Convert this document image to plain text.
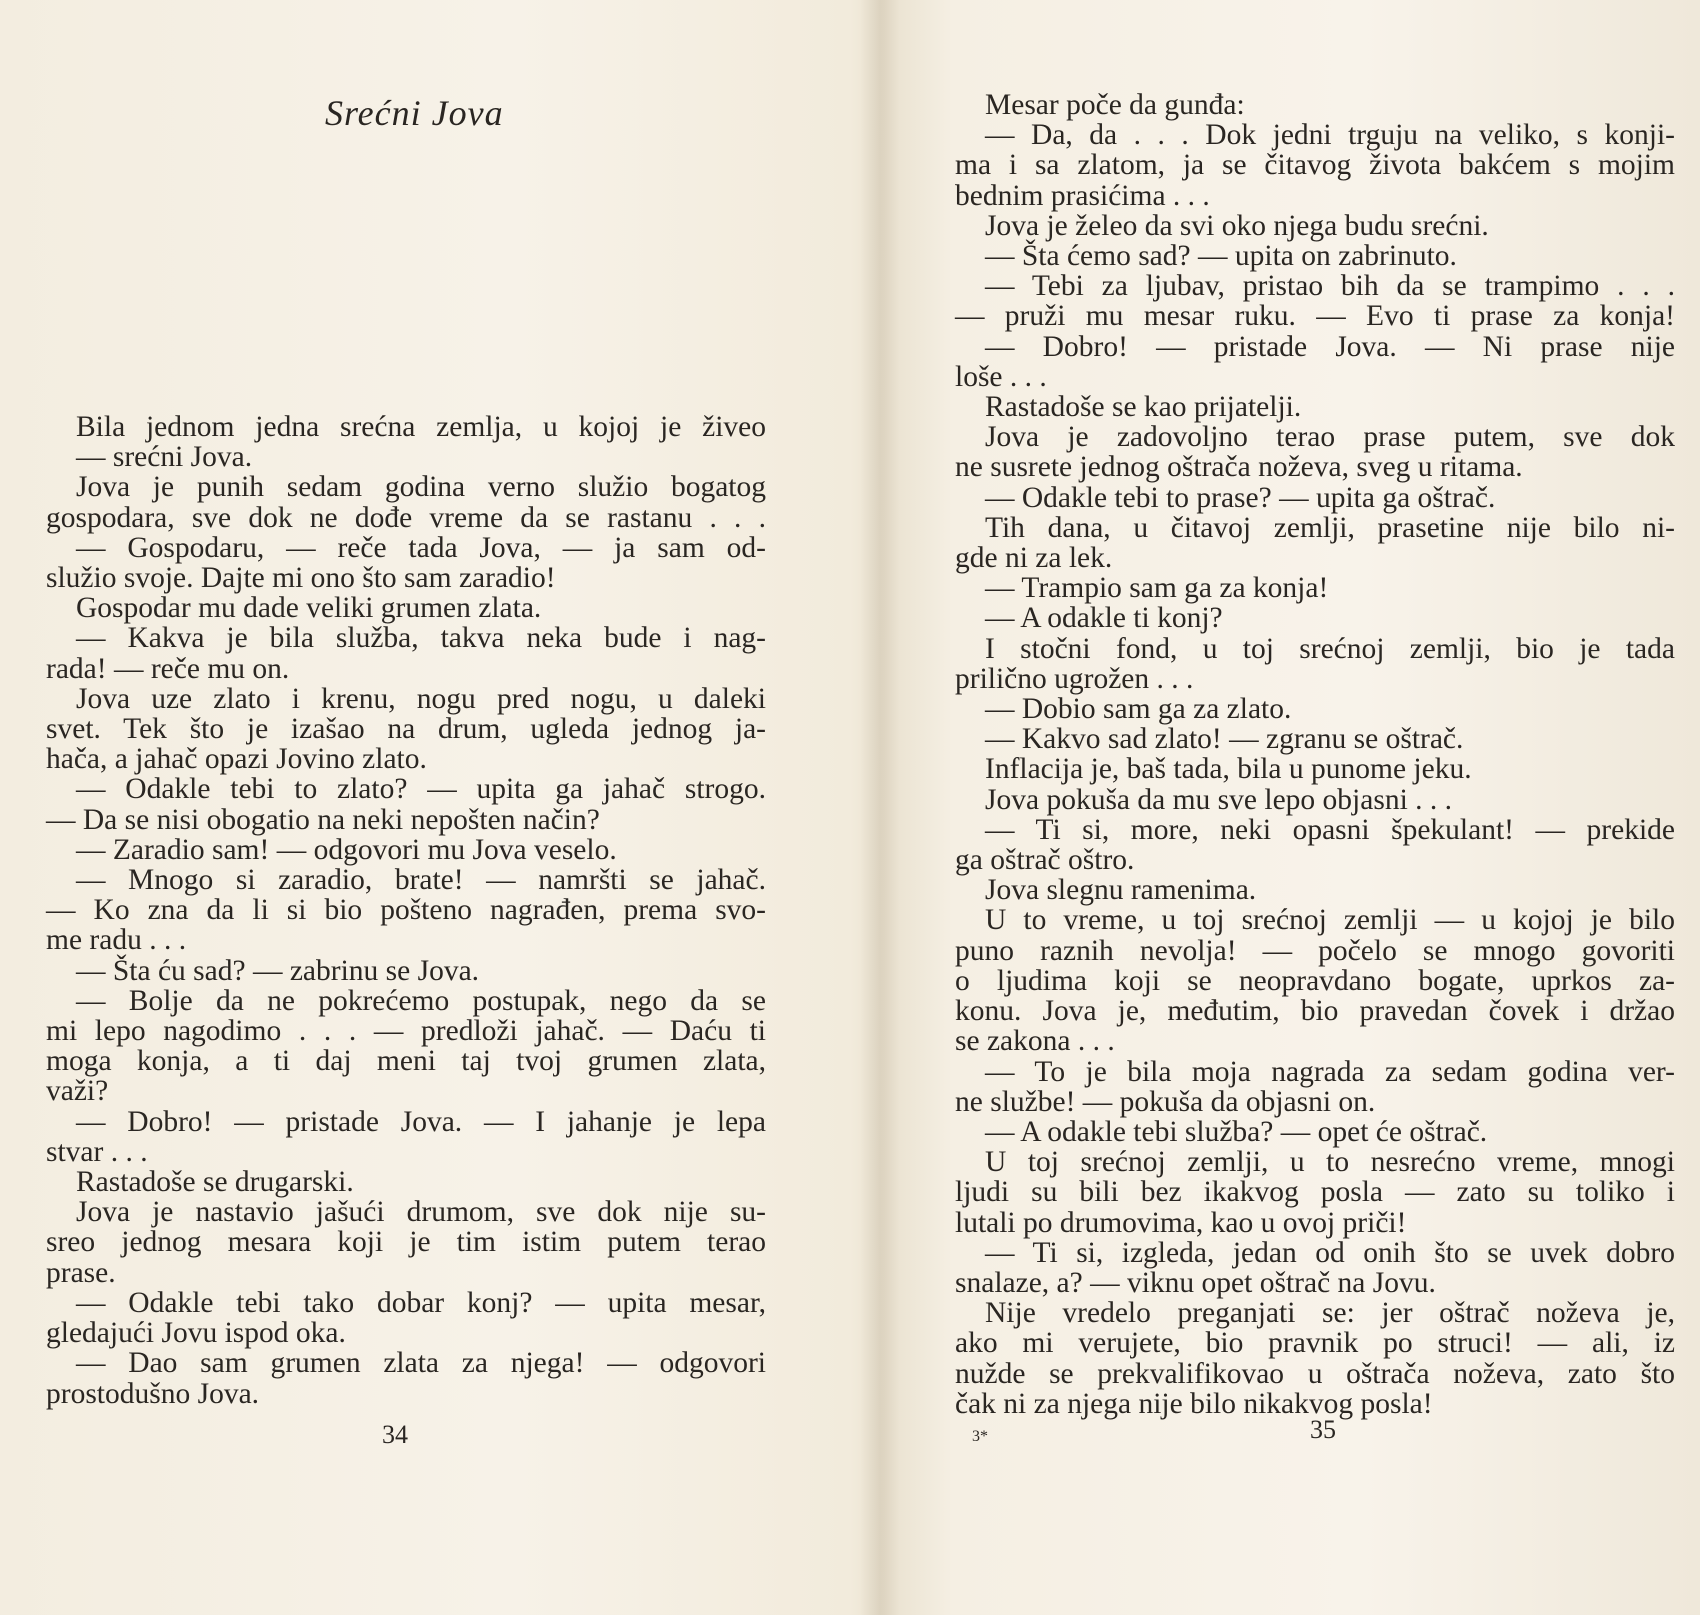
Srećni Jova
Bila jednom jedna srećna zemlja, u kojoj je živeo
— srećni Jova.
Jova je punih sedam godina verno služio bogatog
gospodara, sve dok ne dođe vreme da se rastanu . . .
— Gospodaru, — reče tada Jova, — ja sam od-
služio svoje. Dajte mi ono što sam zaradio!
Gospodar mu dade veliki grumen zlata.
— Kakva je bila služba, takva neka bude i nag-
rada! — reče mu on.
Jova uze zlato i krenu, nogu pred nogu, u daleki
svet. Tek što je izašao na drum, ugleda jednog ja-
hača, a jahač opazi Jovino zlato.
— Odakle tebi to zlato? — upita ga jahač strogo.
— Da se nisi obogatio na neki nepošten način?
— Zaradio sam! — odgovori mu Jova veselo.
— Mnogo si zaradio, brate! — namršti se jahač.
— Ko zna da li si bio pošteno nagrađen, prema svo-
me radu . . .
— Šta ću sad? — zabrinu se Jova.
— Bolje da ne pokrećemo postupak, nego da se
mi lepo nagodimo . . . — predloži jahač. — Daću ti
moga konja, a ti daj meni taj tvoj grumen zlata,
važi?
— Dobro! — pristade Jova. — I jahanje je lepa
stvar . . .
Rastadoše se drugarski.
Jova je nastavio jašući drumom, sve dok nije su-
sreo jednog mesara koji je tim istim putem terao
prase.
— Odakle tebi tako dobar konj? — upita mesar,
gledajući Jovu ispod oka.
— Dao sam grumen zlata za njega! — odgovori
prostodušno Jova.
34
Mesar poče da gunđa:
— Da, da . . . Dok jedni trguju na veliko, s konji-
ma i sa zlatom, ja se čitavog života bakćem s mojim
bednim prasićima . . .
Jova je želeo da svi oko njega budu srećni.
— Šta ćemo sad? — upita on zabrinuto.
— Tebi za ljubav, pristao bih da se trampimo . . .
— pruži mu mesar ruku. — Evo ti prase za konja!
— Dobro! — pristade Jova. — Ni prase nije
loše . . .
Rastadoše se kao prijatelji.
Jova je zadovoljno terao prase putem, sve dok
ne susrete jednog oštrača noževa, sveg u ritama.
— Odakle tebi to prase? — upita ga oštrač.
Tih dana, u čitavoj zemlji, prasetine nije bilo ni-
gde ni za lek.
— Trampio sam ga za konja!
— A odakle ti konj?
I stočni fond, u toj srećnoj zemlji, bio je tada
prilično ugrožen . . .
— Dobio sam ga za zlato.
— Kakvo sad zlato! — zgranu se oštrač.
Inflacija je, baš tada, bila u punome jeku.
Jova pokuša da mu sve lepo objasni . . .
— Ti si, more, neki opasni špekulant! — prekide
ga oštrač oštro.
Jova slegnu ramenima.
U to vreme, u toj srećnoj zemlji — u kojoj je bilo
puno raznih nevolja! — počelo se mnogo govoriti
o ljudima koji se neopravdano bogate, uprkos za-
konu. Jova je, međutim, bio pravedan čovek i držao
se zakona . . .
— To je bila moja nagrada za sedam godina ver-
ne službe! — pokuša da objasni on.
— A odakle tebi služba? — opet će oštrač.
U toj srećnoj zemlji, u to nesrećno vreme, mnogi
ljudi su bili bez ikakvog posla — zato su toliko i
lutali po drumovima, kao u ovoj priči!
— Ti si, izgleda, jedan od onih što se uvek dobro
snalaze, a? — viknu opet oštrač na Jovu.
Nije vredelo preganjati se: jer oštrač noževa je,
ako mi verujete, bio pravnik po struci! — ali, iz
nužde se prekvalifikovao u oštrača noževa, zato što
čak ni za njega nije bilo nikakvog posla!
3*	35
